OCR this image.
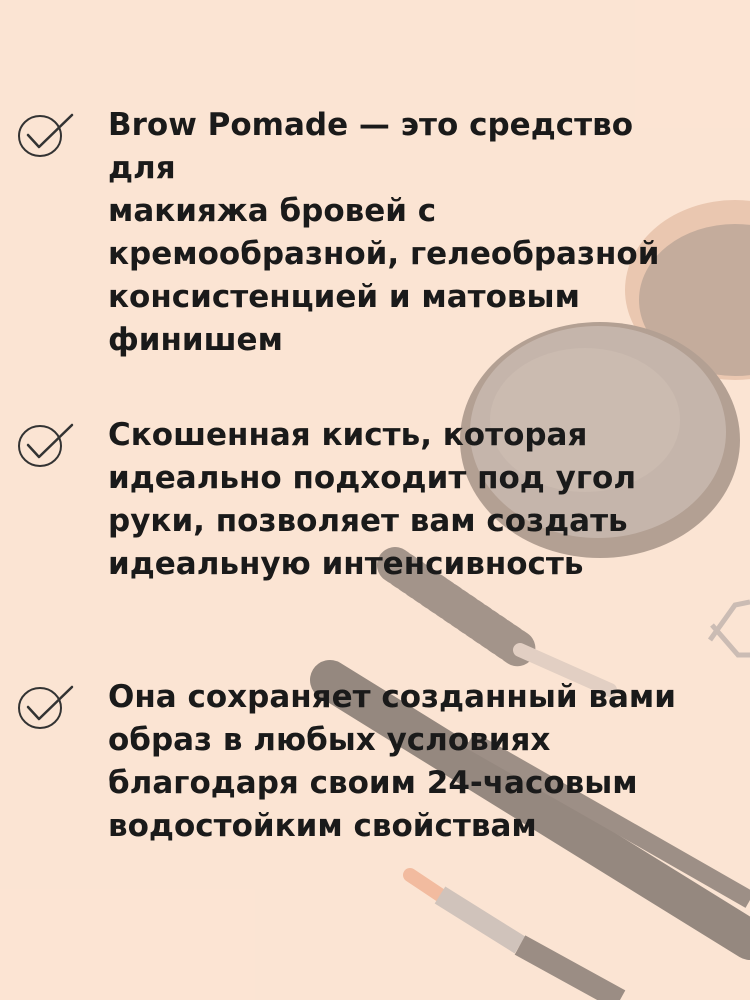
Brow Pomade — это средство для
макияжа бровей с
кремообразной, гелеобразной
консистенцией и матовым
финишем
Скошенная кисть, которая
идеально подходит под угол
руки, позволяет вам создать
идеальную интенсивность
Она сохраняет созданный вами
образ в любых условиях
благодаря своим 24-часовым
водостойким свойствам
